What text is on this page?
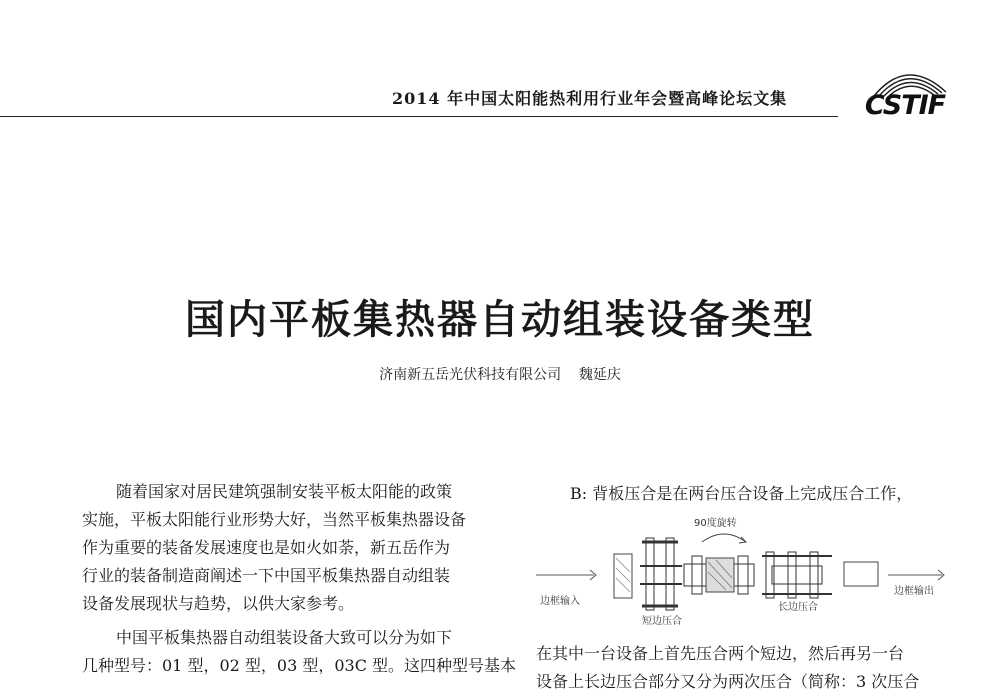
2014 年中国太阳能热利用行业年会暨高峰论坛文集	CSTIF
国内平板集热器自动组装设备类型
济南新五岳光伏科技有限公司 魏延庆
随着国家对居民建筑强制安装平板太阳能的政策
实施，平板太阳能行业形势大好，当然平板集热器设备
作为重要的装备发展速度也是如火如荼，新五岳作为
行业的装备制造商阐述一下中国平板集热器自动组装
设备发展现状与趋势，以供大家参考。
中国平板集热器自动组装设备大致可以分为如下
几种型号：01 型，02 型，03 型，03C 型。这四种型号基本
B: 背板压合是在两台压合设备上完成压合工作，
边框输入
短边压合
90度旋转
长边压合
边框输出
在其中一台设备上首先压合两个短边，然后再另一台
设备上长边压合部分又分为两次压合（简称：3 次压合
